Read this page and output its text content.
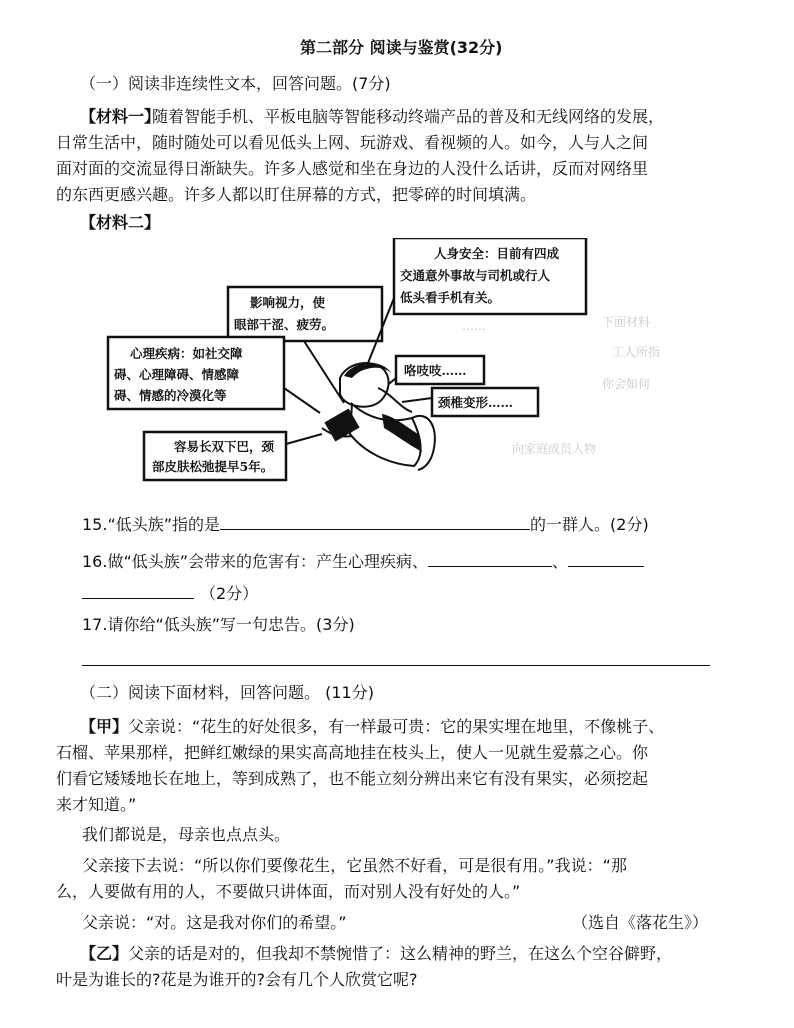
第二部分 阅读与鉴赏(32分)
（一）阅读非连续性文本，回答问题。(7分)
【材料一】
随着智能手机、平板电脑等智能移动终端产品的普及和无线网络的发展，
日常生活中，随时随处可以看见低头上网、玩游戏、看视频的人。如今，人与人之间
面对面的交流显得日渐缺失。许多人感觉和坐在身边的人没什么话讲，反而对网络里
的东西更感兴趣。许多人都以盯住屏幕的方式，把零碎的时间填满。
【材料二】
下面材料
工人所指
你会如何
……
向家庭成员人物
影响视力，使
眼部干涩、疲劳。
心理疾病：如社交障
碍、心理障碍、情感障
碍、情感的冷漠化等
容易长双下巴，颈
部皮肤松弛提早5年。
人身安全：目前有四成
交通意外事故与司机或行人
低头看手机有关。
咯吱吱……
颈椎变形……
15.“低头族”指的是	的一群人。(2分)
16.做“低头族”会带来的危害有：产生心理疾病、	、
（2分）
17.请你给“低头族”写一句忠告。(3分)
（二）阅读下面材料，回答问题。 (11分)
【甲】 父亲说：“花生的好处很多，有一样最可贵：它的果实埋在地里，不像桃子、
石榴、苹果那样，把鲜红嫩绿的果实高高地挂在枝头上，使人一见就生爱慕之心。你
们看它矮矮地长在地上，等到成熟了，也不能立刻分辨出来它有没有果实，必须挖起
来才知道。”
我们都说是，母亲也点点头。
父亲接下去说：“所以你们要像花生，它虽然不好看，可是很有用。”我说：“那
么，人要做有用的人，不要做只讲体面，而对别人没有好处的人。”
父亲说：“对。这是我对你们的希望。”	（选自《落花生》）
【乙】 父亲的话是对的，但我却不禁惋惜了：这么精神的野兰，在这么个空谷僻野，
叶是为谁长的?花是为谁开的?会有几个人欣赏它呢?
